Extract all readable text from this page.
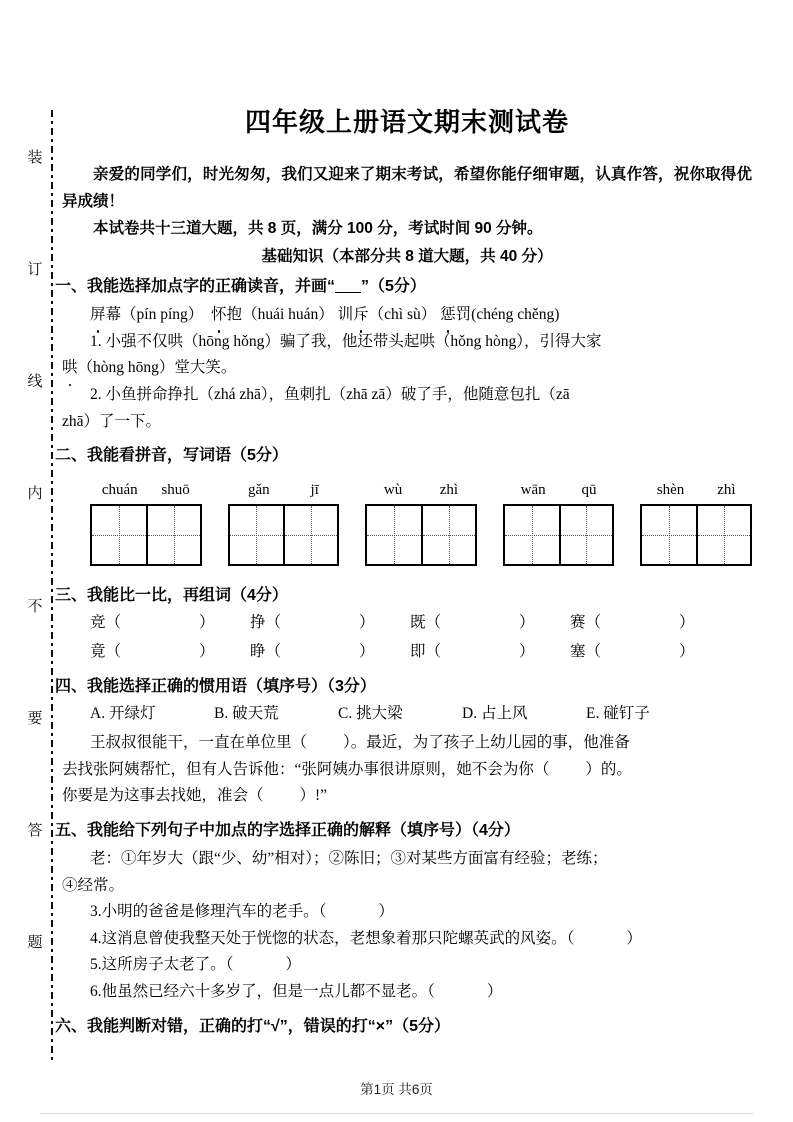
装
订
线
内
不
要
答
题
四年级上册语文期末测试卷

亲爱的同学们，时光匆匆，我们又迎来了期末考试，希望你能仔细审题，认真作答，祝你取得优异成绩！

本试卷共十三道大题，共 8 页，满分 100 分，考试时间 90 分钟。

基础知识（本部分共 8 道大题，共 40 分）
一、我能选择加点字的正确读音，并画“ ”（5分）

屏幕（pín píng） 怀抱（huái huán） 训斥（chì sù） 惩罚(chéng chěng)

1. 小强不仅哄（hōng hǒng）骗了我，他还带头起哄（hǒng hòng），引得大家

哄（hòng hōng）堂大笑。

2. 小鱼拼命挣扎（zhá zhā），鱼刺扎（zhā zā）破了手，他随意包扎（zā

zhā）了一下。

二、我能看拼音，写词语（5分）
chuán shuō	gǎn	jī	wù zhì	wān qū	shèn zhì
三、我能比一比，再组词（4分）
竞（	）	挣（	）	既（	）	赛（	）
竟（	）	睁（	）	即（	）	塞（	）
四、我能选择正确的惯用语（填序号）（3分）
A. 开绿灯	B. 破天荒	C. 挑大梁	D. 占上风	E. 碰钉子

王叔叔很能干，一直在单位里（ ）。最近，为了孩子上幼儿园的事，他准备

去找张阿姨帮忙，但有人告诉他：“张阿姨办事很讲原则，她不会为你（ ）的。

你要是为这事去找她，准会（ ）!”

五、我能给下列句子中加点的字选择正确的解释（填序号）（4分）

老：①年岁大（跟“少、幼”相对）；②陈旧；③对某些方面富有经验；老练；

④经常。

3.小明的爸爸是修理汽车的老手。（	）

4.这消息曾使我整天处于恍惚的状态，老想象着那只陀螺英武的风姿。（	）

5.这所房子太老了。（	）

6.他虽然已经六十多岁了，但是一点儿都不显老。（	）

六、我能判断对错，正确的打“√”，错误的打“×”（5分）
第1页 共6页
